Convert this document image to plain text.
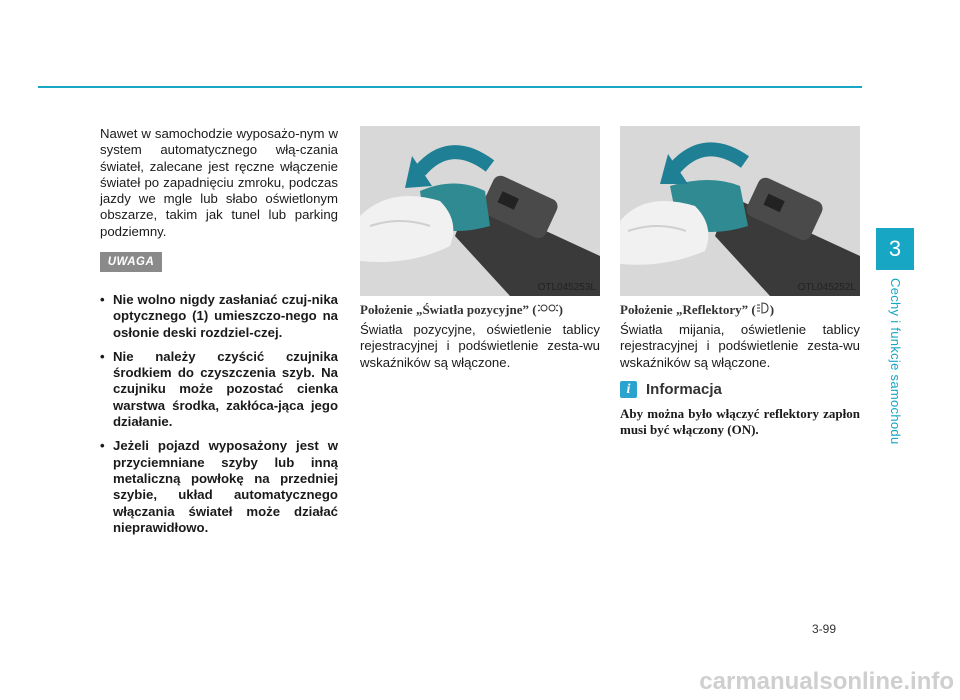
3
Cechy i funkcje samochodu

Nawet w samochodzie wyposażo-nym w system automatycznego włą-czania świateł, zalecane jest ręczne włączenie świateł po zapadnięciu zmroku, podczas jazdy we mgle lub słabo oświetlonym obszarze, takim jak tunel lub parking podziemny.

UWAGA
• Nie wolno nigdy zasłaniać czuj-nika optycznego (1) umieszczo-nego na osłonie deski rozdziel-czej.
• Nie należy czyścić czujnika środkiem do czyszczenia szyb. Na czujniku może pozostać cienka warstwa środka, zakłóca-jąca jego działanie.
• Jeżeli pojazd wyposażony jest w przyciemniane szyby lub inną metaliczną powłokę na przedniej szybie, układ automatycznego włączania świateł może działać nieprawidłowo.
OTL045253L
Położenie „Światła pozycyjne” ( )

Światła pozycyjne, oświetlenie tablicy rejestracyjnej i podświetlenie zesta-wu wskaźników są włączone.

OTL045252L
Położenie „Reflektory” ( )

Światła mijania, oświetlenie tablicy rejestracyjnej i podświetlenie zesta-wu wskaźników są włączone.

i	Informacja

Aby można było włączyć reflektory zapłon musi być włączony (ON).

3-99
carmanualsonline.info
